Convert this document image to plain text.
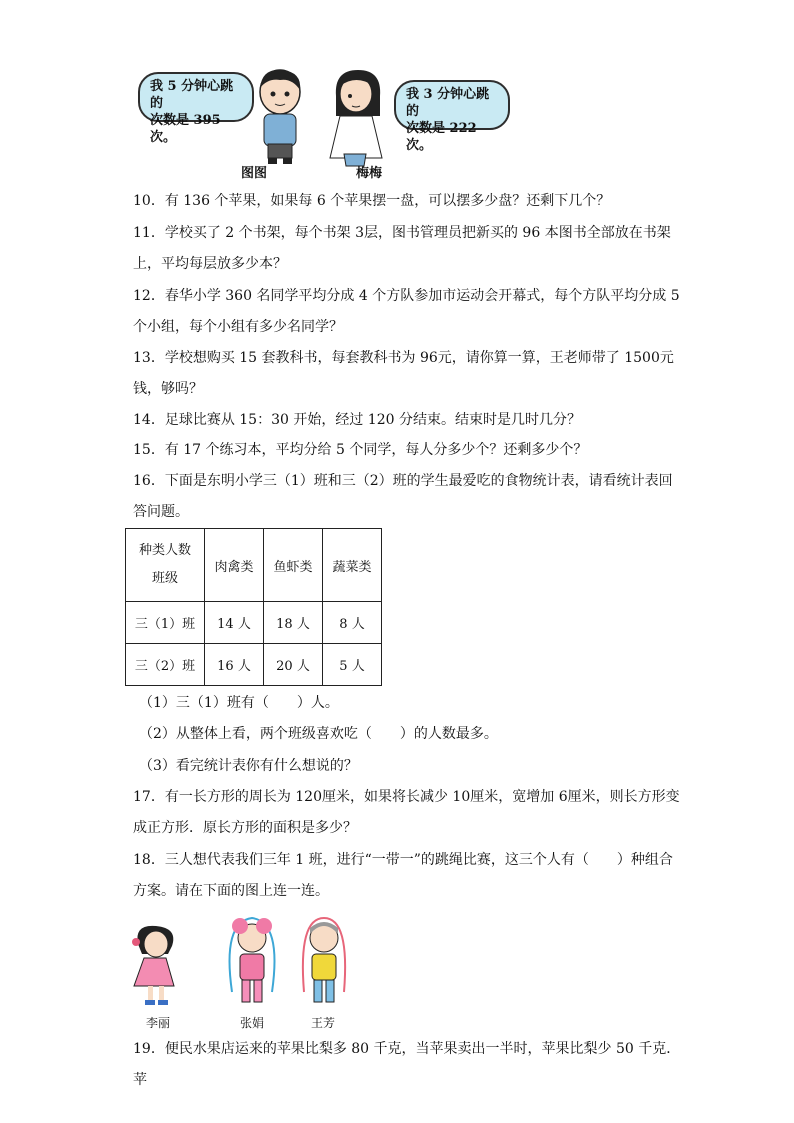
我 5 分钟心跳的
次数是 395 次。
我 3 分钟心跳的
次数是 222 次。
图图	梅梅

10．有 136 个苹果，如果每 6 个苹果摆一盘，可以摆多少盘？还剩下几个？

11．学校买了 2 个书架，每个书架 3层，图书管理员把新买的 96 本图书全部放在书架上，平均每层放多少本？

12．春华小学 360 名同学平均分成 4 个方队参加市运动会开幕式，每个方队平均分成 5 个小组，每个小组有多少名同学？

13．学校想购买 15 套教科书，每套教科书为 96元，请你算一算，王老师带了 1500元钱，够吗？

14．足球比赛从 15：30 开始，经过 120 分结束。结束时是几时几分？

15．有 17 个练习本，平均分给 5 个同学，每人分多少个？还剩多少个？

16．下面是东明小学三（1）班和三（2）班的学生最爱吃的食物统计表，请看统计表回答问题。

种类人数
班级	肉禽类	鱼虾类	蔬菜类
三（1）班	14 人	18 人	8 人
三（2）班	16 人	20 人	5 人
（1）三（1）班有（　　）人。
（2）从整体上看，两个班级喜欢吃（　　）的人数最多。
（3）看完统计表你有什么想说的？

17．有一长方形的周长为 120厘米，如果将长减少 10厘米，宽增加 6厘米，则长方形变成正方形．原长方形的面积是多少？

18．三人想代表我们三年 1 班，进行“一带一”的跳绳比赛，这三个人有（　　）种组合方案。请在下面的图上连一连。

李丽	张娟	王芳

19．便民水果店运来的苹果比梨多 80 千克，当苹果卖出一半时，苹果比梨少 50 千克．苹
